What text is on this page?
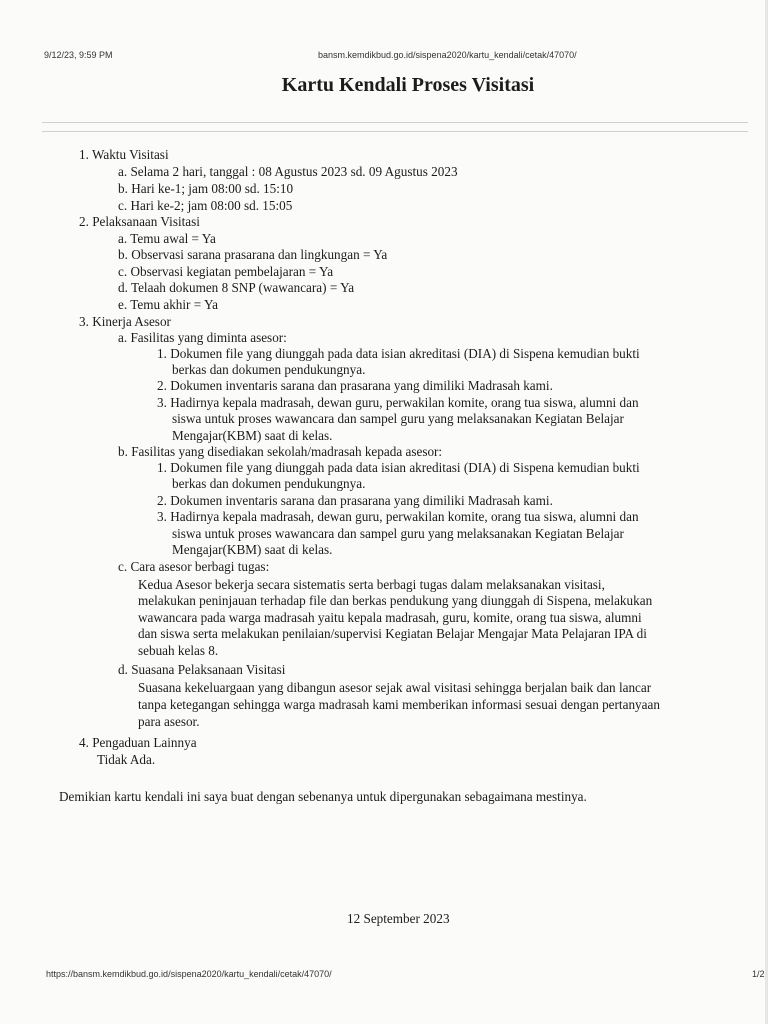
9/12/23, 9:59 PM	bansm.kemdikbud.go.id/sispena2020/kartu_kendali/cetak/47070/
Kartu Kendali Proses Visitasi
1. Waktu Visitasi
a. Selama 2 hari, tanggal : 08 Agustus 2023 sd. 09 Agustus 2023
b. Hari ke-1; jam 08:00 sd. 15:10
c. Hari ke-2; jam 08:00 sd. 15:05
2. Pelaksanaan Visitasi
a. Temu awal = Ya
b. Observasi sarana prasarana dan lingkungan = Ya
c. Observasi kegiatan pembelajaran = Ya
d. Telaah dokumen 8 SNP (wawancara) = Ya
e. Temu akhir = Ya
3. Kinerja Asesor
a. Fasilitas yang diminta asesor:
1. Dokumen file yang diunggah pada data isian akreditasi (DIA) di Sispena kemudian bukti
berkas dan dokumen pendukungnya.
2. Dokumen inventaris sarana dan prasarana yang dimiliki Madrasah kami.
3. Hadirnya kepala madrasah, dewan guru, perwakilan komite, orang tua siswa, alumni dan
siswa untuk proses wawancara dan sampel guru yang melaksanakan Kegiatan Belajar
Mengajar(KBM) saat di kelas.
b. Fasilitas yang disediakan sekolah/madrasah kepada asesor:
1. Dokumen file yang diunggah pada data isian akreditasi (DIA) di Sispena kemudian bukti
berkas dan dokumen pendukungnya.
2. Dokumen inventaris sarana dan prasarana yang dimiliki Madrasah kami.
3. Hadirnya kepala madrasah, dewan guru, perwakilan komite, orang tua siswa, alumni dan
siswa untuk proses wawancara dan sampel guru yang melaksanakan Kegiatan Belajar
Mengajar(KBM) saat di kelas.
c. Cara asesor berbagi tugas:
Kedua Asesor bekerja secara sistematis serta berbagi tugas dalam melaksanakan visitasi,
melakukan peninjauan terhadap file dan berkas pendukung yang diunggah di Sispena, melakukan
wawancara pada warga madrasah yaitu kepala madrasah, guru, komite, orang tua siswa, alumni
dan siswa serta melakukan penilaian/supervisi Kegiatan Belajar Mengajar Mata Pelajaran IPA di
sebuah kelas 8.
d. Suasana Pelaksanaan Visitasi
Suasana kekeluargaan yang dibangun asesor sejak awal visitasi sehingga berjalan baik dan lancar
tanpa ketegangan sehingga warga madrasah kami memberikan informasi sesuai dengan pertanyaan
para asesor.
4. Pengaduan Lainnya
Tidak Ada.
Demikian kartu kendali ini saya buat dengan sebenanya untuk dipergunakan sebagaimana mestinya.
12 September 2023
https://bansm.kemdikbud.go.id/sispena2020/kartu_kendali/cetak/47070/	1/2
